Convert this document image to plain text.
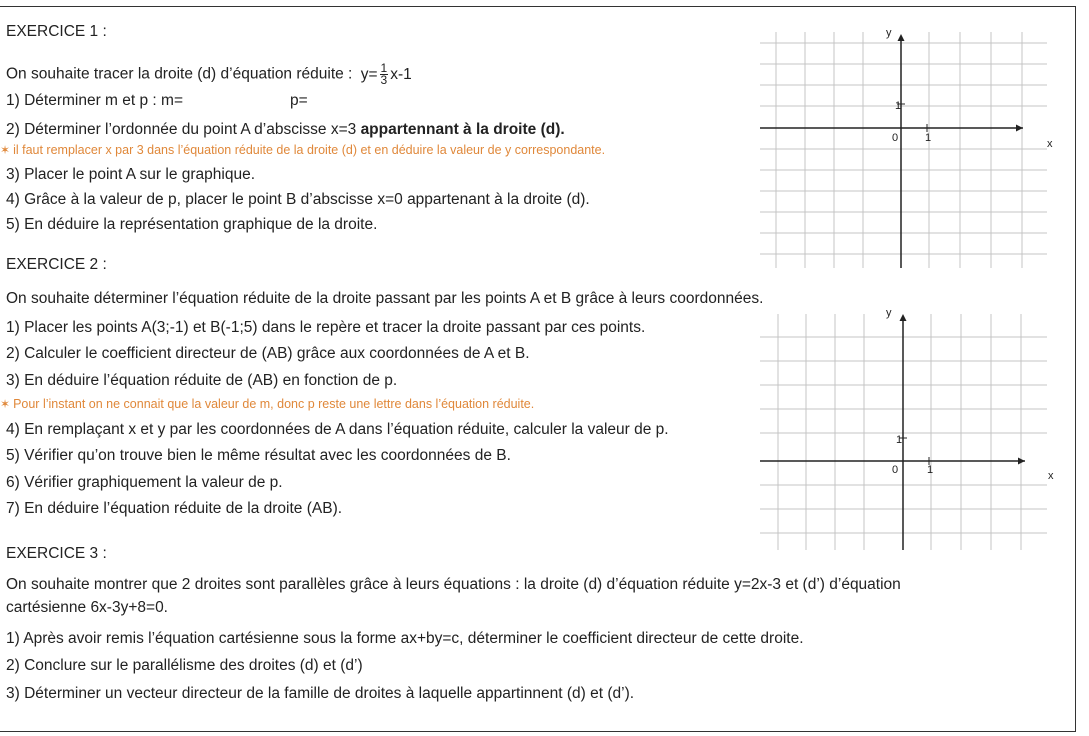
y
x
0 1
1
y
x
0	1
1
EXERCICE 1 :
On souhaite tracer la droite (d) d’équation réduite : $y= \frac{1}{3} x-1$
1) Déterminer m et p : m=	p=
2) Déterminer l’ordonnée du point A d’abscisse x=3 appartennant à la droite (d).
✶ il faut remplacer x par 3 dans l’équation réduite de la droite (d) et en déduire la valeur de y correspondante.
3) Placer le point A sur le graphique.
4) Grâce à la valeur de p, placer le point B d’abscisse x=0 appartenant à la droite (d).
5) En déduire la représentation graphique de la droite.
EXERCICE 2 :
On souhaite déterminer l’équation réduite de la droite passant par les points A et B grâce à leurs coordonnées.
1) Placer les points A(3;-1) et B(-1;5) dans le repère et tracer la droite passant par ces points.
2) Calculer le coefficient directeur de (AB) grâce aux coordonnées de A et B.
3) En déduire l’équation réduite de (AB) en fonction de p.
✶ Pour l’instant on ne connait que la valeur de m, donc p reste une lettre dans l’équation réduite.
4) En remplaçant x et y par les coordonnées de A dans l’équation réduite, calculer la valeur de p.
5) Vérifier qu’on trouve bien le même résultat avec les coordonnées de B.
6) Vérifier graphiquement la valeur de p.
7) En déduire l’équation réduite de la droite (AB).
EXERCICE 3 :
On souhaite montrer que 2 droites sont parallèles grâce à leurs équations : la droite (d) d’équation réduite y=2x-3 et (d’) d’équation
cartésienne 6x-3y+8=0.
1) Après avoir remis l’équation cartésienne sous la forme ax+by=c, déterminer le coefficient directeur de cette droite.
2) Conclure sur le parallélisme des droites (d) et (d’)
3) Déterminer un vecteur directeur de la famille de droites à laquelle appartinnent (d) et (d’).
